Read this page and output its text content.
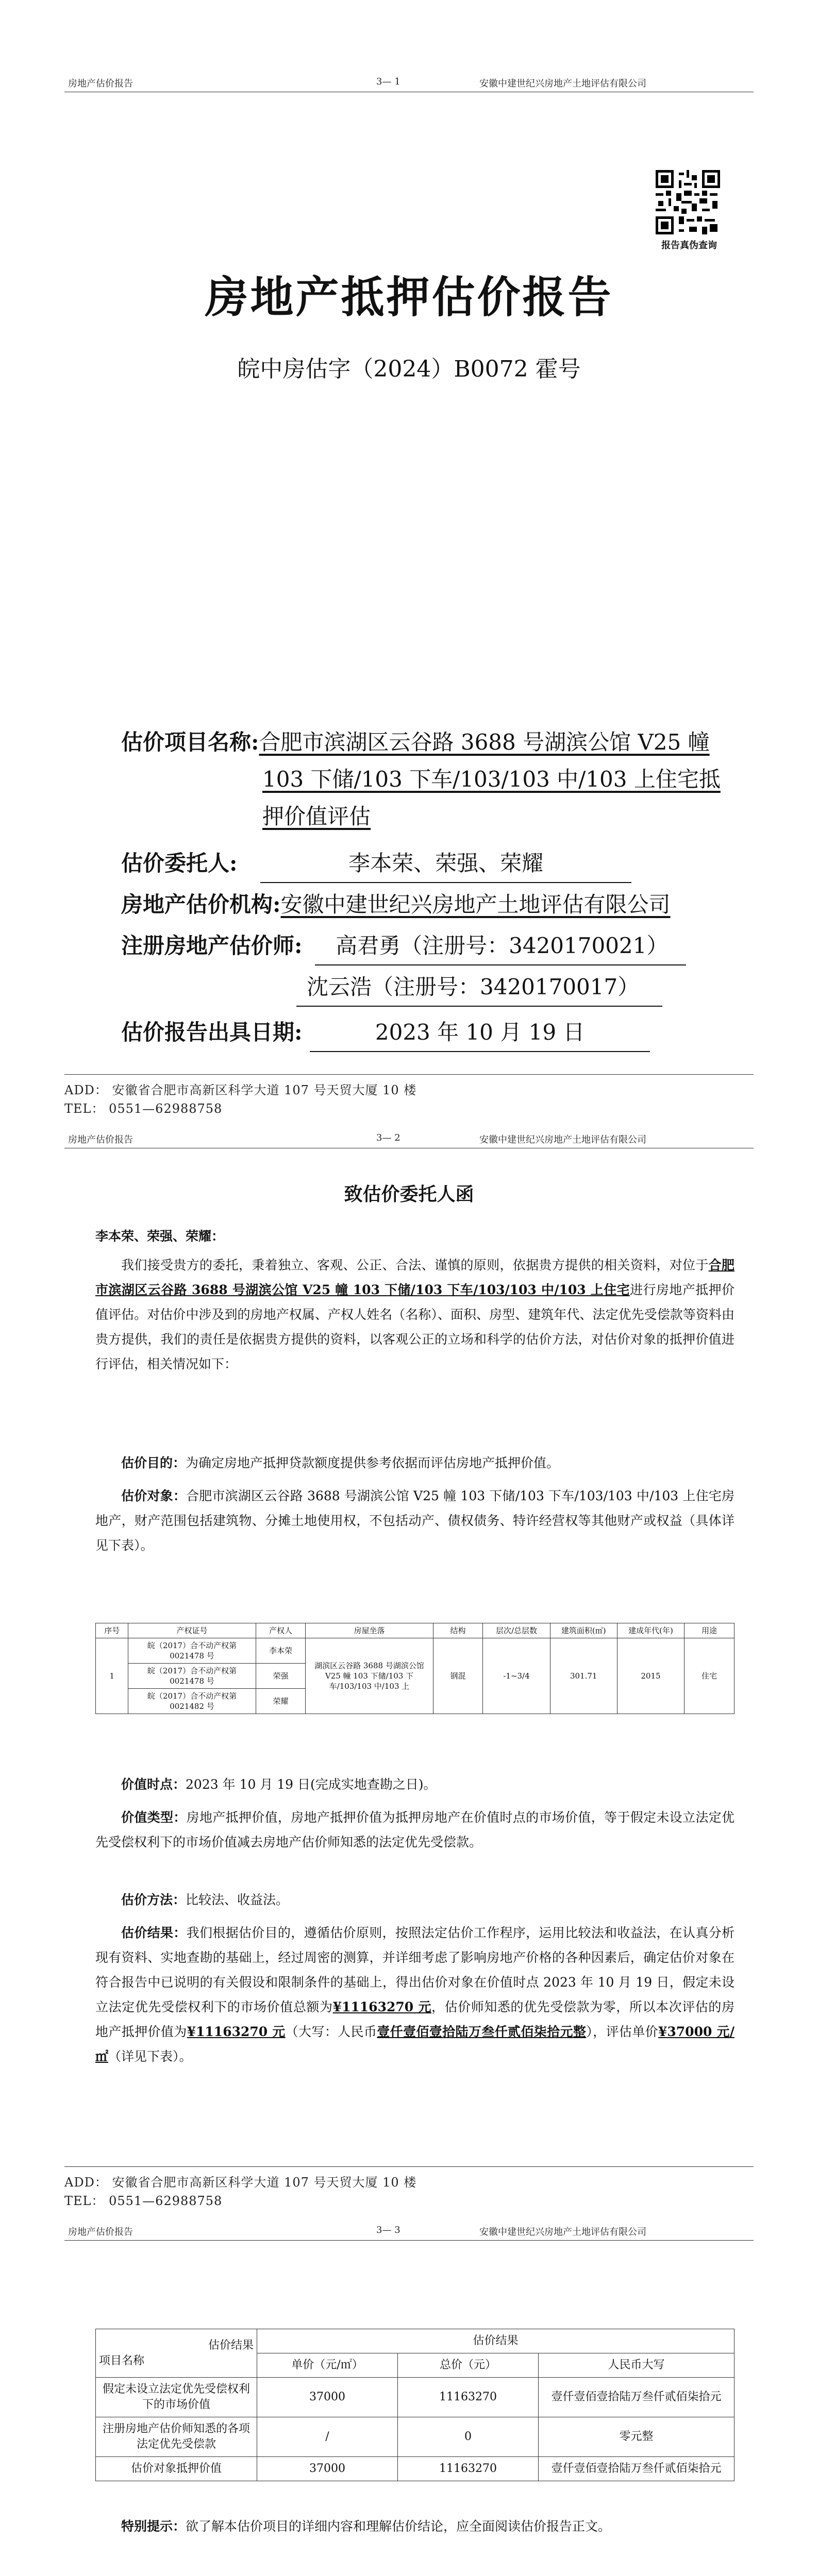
房地产估价报告	3— 1	安徽中建世纪兴房地产土地评估有限公司
报告真伪查询
房地产抵押估价报告
皖中房估字（2024）B0072 霍号
估价项目名称:合肥市滨湖区云谷路 3688 号湖滨公馆 V25 幢
103 下储/103 下车/103/103 中/103 上住宅抵
押价值评估
估价委托人:	李本荣、荣强、荣耀
房地产估价机构:安徽中建世纪兴房地产土地评估有限公司
注册房地产估价师: 高君勇（注册号：3420170021）
沈云浩（注册号：3420170017）
估价报告出具日期:	2023 年 10 月 19 日
ADD： 安徽省合肥市高新区科学大道 107 号天贸大厦 10 楼
TEL： 0551—62988758
房地产估价报告	3— 2	安徽中建世纪兴房地产土地评估有限公司
致估价委托人函
李本荣、荣强、荣耀：
我们接受贵方的委托，秉着独立、客观、公正、合法、谨慎的原则，依据贵方提供的相关资料，对位于合肥市滨湖区云谷路 3688 号湖滨公馆 V25 幢 103 下储/103 下车/103/103 中/103 上住宅进行房地产抵押价值评估。对估价中涉及到的房地产权属、产权人姓名（名称）、面积、房型、建筑年代、法定优先受偿款等资料由贵方提供，我们的责任是依据贵方提供的资料，以客观公正的立场和科学的估价方法，对估价对象的抵押价值进行评估，相关情况如下：
估价目的：为确定房地产抵押贷款额度提供参考依据而评估房地产抵押价值。
估价对象：合肥市滨湖区云谷路 3688 号湖滨公馆 V25 幢 103 下储/103 下车/103/103 中/103 上住宅房地产，财产范围包括建筑物、分摊土地使用权，不包括动产、债权债务、特许经营权等其他财产或权益（具体详见下表）。
序号	产权证号	产权人	房屋坐落	结构	层次/总层数	建筑面积(㎡)	建成年代(年)	用途
1	皖（2017）合不动产权第 0021478 号	李本荣	湖滨区云谷路 3688 号湖滨公馆 V25 幢 103 下储/103 下车/103/103 中/103 上	钢混	-1~3/4	301.71	2015	住宅
	皖（2017）合不动产权第 0021478 号	荣强						
	皖（2017）合不动产权第 0021482 号	荣耀						
价值时点：2023 年 10 月 19 日(完成实地查勘之日)。
价值类型：房地产抵押价值，房地产抵押价值为抵押房地产在价值时点的市场价值，等于假定未设立法定优先受偿权利下的市场价值减去房地产估价师知悉的法定优先受偿款。
估价方法：比较法、收益法。
估价结果：我们根据估价目的，遵循估价原则，按照法定估价工作程序，运用比较法和收益法，在认真分析现有资料、实地查勘的基础上，经过周密的测算，并详细考虑了影响房地产价格的各种因素后，确定估价对象在符合报告中已说明的有关假设和限制条件的基础上，得出估价对象在价值时点 2023 年 10 月 19 日，假定未设立法定优先受偿权利下的市场价值总额为¥11163270 元，估价师知悉的优先受偿款为零，所以本次评估的房地产抵押价值为¥11163270 元（大写：人民币壹仟壹佰壹拾陆万叁仟贰佰柒拾元整），评估单价¥37000 元/㎡（详见下表）。
估价结果
项目名称	估价结果		
	单价（元/㎡）	总价（元）	人民币大写
假定未设立法定优先受偿权利下的市场价值	37000	11163270	壹仟壹佰壹拾陆万叁仟贰佰柒拾元
注册房地产估价师知悉的各项法定优先受偿款	/	0	零元整
估价对象抵押价值	37000	11163270	壹仟壹佰壹拾陆万叁仟贰佰柒拾元
ADD： 安徽省合肥市高新区科学大道 107 号天贸大厦 10 楼
TEL： 0551—62988758
房地产估价报告	3— 3	安徽中建世纪兴房地产土地评估有限公司
特别提示：欲了解本估价项目的详细内容和理解估价结论，应全面阅读估价报告正文。
